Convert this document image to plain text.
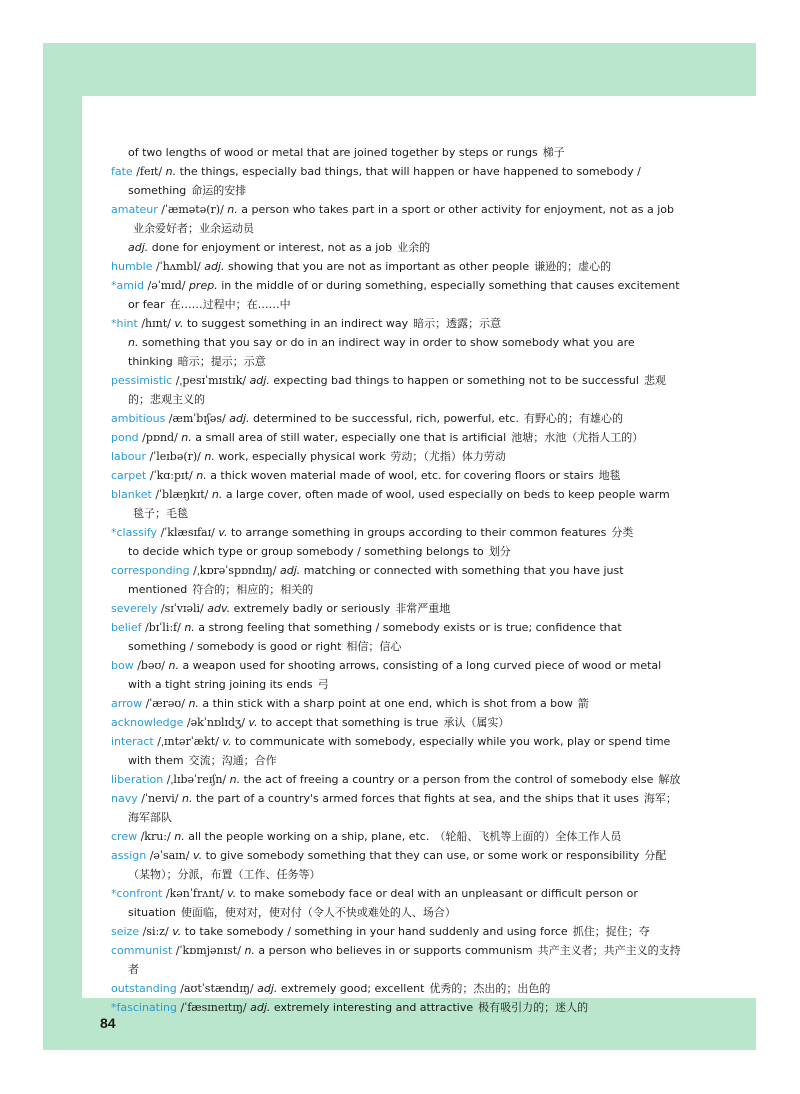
of two lengths of wood or metal that are joined together by steps or rungs 梯子
fate /feɪt/ n. the things, especially bad things, that will happen or have happened to somebody / something 命运的安排
amateur /ˈæmətə(r)/ n. a person who takes part in a sport or other activity for enjoyment, not as a job业余爱好者；业余运动员
adj. done for enjoyment or interest, not as a job 业余的
humble /ˈhʌmbl/ adj. showing that you are not as important as other people 谦逊的；虚心的
*amid /əˈmɪd/ prep. in the middle of or during something, especially something that causes excitement or fear 在……过程中；在……中
*hint /hɪnt/ v. to suggest something in an indirect way 暗示；透露；示意
n. something that you say or do in an indirect way in order to show somebody what you are thinking 暗示；提示；示意
pessimistic /ˌpesɪˈmɪstɪk/ adj. expecting bad things to happen or something not to be successful 悲观的；悲观主义的
ambitious /æmˈbɪʃəs/ adj. determined to be successful, rich, powerful, etc. 有野心的；有雄心的
pond /pɒnd/ n. a small area of still water, especially one that is artificial 池塘；水池（尤指人工的）
labour /ˈleɪbə(r)/ n. work, especially physical work 劳动；（尤指）体力劳动
carpet /ˈkɑːpɪt/ n. a thick woven material made of wool, etc. for covering floors or stairs 地毯
blanket /ˈblæŋkɪt/ n. a large cover, often made of wool, used especially on beds to keep people warm毯子；毛毯
*classify /ˈklæsɪfaɪ/ v. to arrange something in groups according to their common features 分类
to decide which type or group somebody / something belongs to 划分
corresponding /ˌkɒrəˈspɒndɪŋ/ adj. matching or connected with something that you have just mentioned 符合的；相应的；相关的
severely /sɪˈvɪəli/ adv. extremely badly or seriously 非常严重地
belief /bɪˈliːf/ n. a strong feeling that something / somebody exists or is true; confidence that something / somebody is good or right 相信；信心
bow /bəʊ/ n. a weapon used for shooting arrows, consisting of a long curved piece of wood or metal with a tight string joining its ends 弓
arrow /ˈærəʊ/ n. a thin stick with a sharp point at one end, which is shot from a bow 箭
acknowledge /əkˈnɒlɪdʒ/ v. to accept that something is true 承认（属实）
interact /ˌɪntərˈækt/ v. to communicate with somebody, especially while you work, play or spend time with them 交流；沟通；合作
liberation /ˌlɪbəˈreɪʃn/ n. the act of freeing a country or a person from the control of somebody else 解放
navy /ˈneɪvi/ n. the part of a country's armed forces that fights at sea, and the ships that it uses 海军；海军部队
crew /kruː/ n. all the people working on a ship, plane, etc. （轮船、飞机等上面的）全体工作人员
assign /əˈsaɪn/ v. to give somebody something that they can use, or some work or responsibility 分配（某物）；分派，布置（工作、任务等）
*confront /kənˈfrʌnt/ v. to make somebody face or deal with an unpleasant or difficult person or situation 使面临，使对对，使对付（令人不快或难处的人、场合）
seize /siːz/ v. to take somebody / something in your hand suddenly and using force 抓住；捉住；夺
communist /ˈkɒmjənɪst/ n. a person who believes in or supports communism 共产主义者；共产主义的支持者
outstanding /aʊtˈstændɪŋ/ adj. extremely good; excellent 优秀的；杰出的；出色的
*fascinating /ˈfæsɪneɪtɪŋ/ adj. extremely interesting and attractive 极有吸引力的；迷人的
84
